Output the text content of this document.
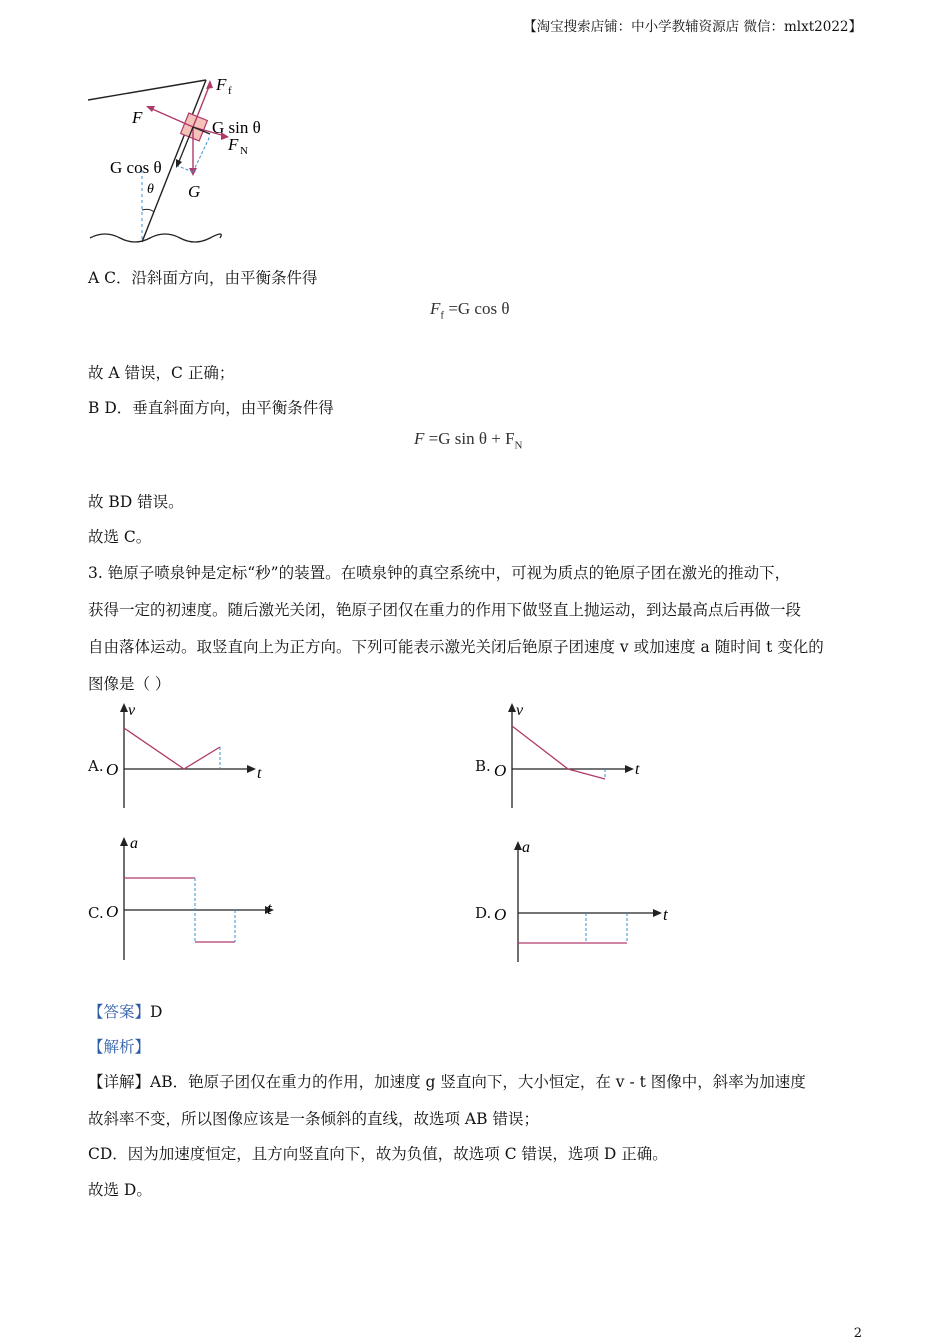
【淘宝搜索店铺：中小学教辅资源店 微信：mlxt2022】
F f
F
G sin θ
F N
G cos θ
θ G
A C．沿斜面方向，由平衡条件得
$F_f =G$ cos θ
故 A 错误，C 正确；
B D．垂直斜面方向，由平衡条件得
F =G $\sin \theta + F_N$
故 BD 错误。
故选 C。
3. 铯原子喷泉钟是定标“秒”的装置。在喷泉钟的真空系统中，可视为质点的铯原子团在激光的推动下，
获得一定的初速度。随后激光关闭，铯原子团仅在重力的作用下做竖直上抛运动，到达最高点后再做一段
自由落体运动。取竖直向上为正方向。下列可能表示激光关闭后铯原子团速度 v 或加速度 a 随时间 t 变化的
图像是（ ）
A.
v
t
O	B.
v
t
O
C.
a
t
O	D.
a
t
O
【答案】D
【解析】
【详解】AB．铯原子团仅在重力的作用，加速度 g 竖直向下，大小恒定，在 v - t 图像中，斜率为加速度
故斜率不变，所以图像应该是一条倾斜的直线，故选项 AB 错误；
CD．因为加速度恒定，且方向竖直向下，故为负值，故选项 C 错误，选项 D 正确。
故选 D。
2
